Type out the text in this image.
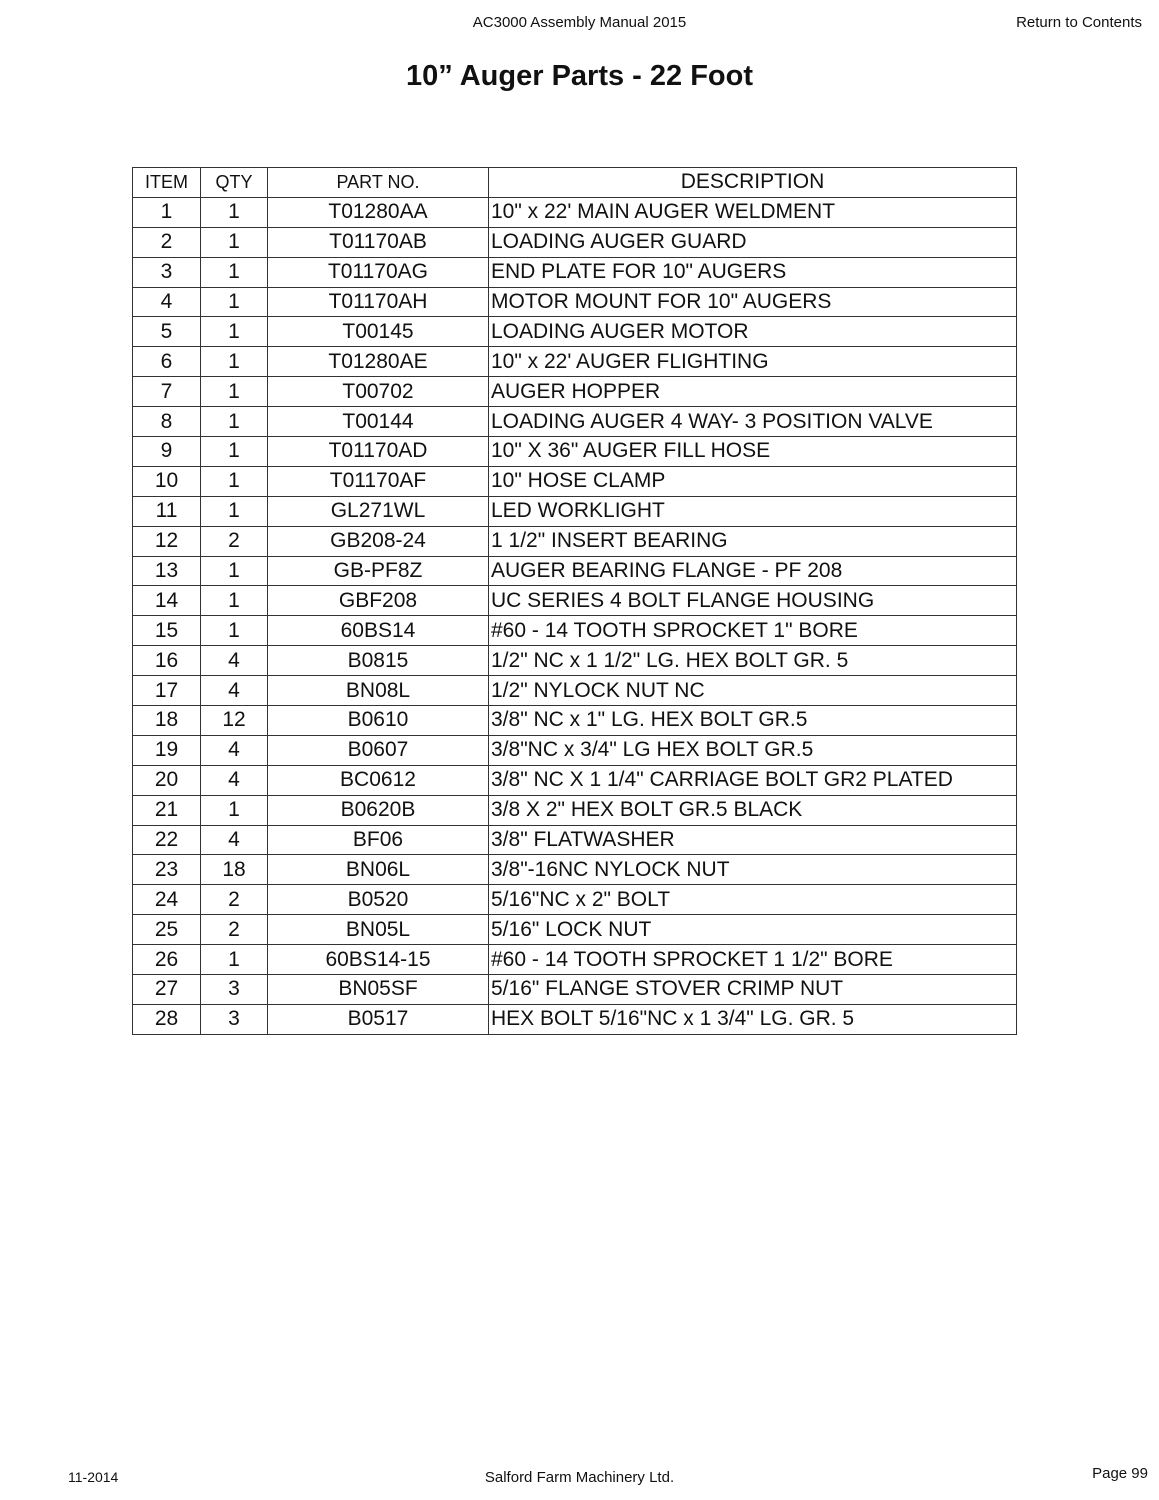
AC3000 Assembly Manual 2015	Return to Contents
10” Auger Parts - 22 Foot
ITEM	QTY	PART NO.	DESCRIPTION
1	1	T01280AA	10" x 22' MAIN AUGER WELDMENT
2	1	T01170AB	LOADING AUGER GUARD
3	1	T01170AG	END PLATE FOR 10" AUGERS
4	1	T01170AH	MOTOR MOUNT FOR 10" AUGERS
5	1	T00145	LOADING AUGER MOTOR
6	1	T01280AE	10" x 22' AUGER FLIGHTING
7	1	T00702	AUGER HOPPER
8	1	T00144	LOADING AUGER 4 WAY- 3 POSITION VALVE
9	1	T01170AD	10" X 36" AUGER FILL HOSE
10	1	T01170AF	10" HOSE CLAMP
11	1	GL271WL	LED WORKLIGHT
12	2	GB208-24	1 1/2" INSERT BEARING
13	1	GB-PF8Z	AUGER BEARING FLANGE - PF 208
14	1	GBF208	UC SERIES 4 BOLT FLANGE HOUSING
15	1	60BS14	#60 - 14 TOOTH SPROCKET 1" BORE
16	4	B0815	1/2" NC x 1 1/2" LG. HEX BOLT GR. 5
17	4	BN08L	1/2" NYLOCK NUT NC
18	12	B0610	3/8" NC x 1" LG. HEX BOLT GR.5
19	4	B0607	3/8"NC x 3/4" LG HEX BOLT GR.5
20	4	BC0612	3/8" NC X 1 1/4" CARRIAGE BOLT GR2 PLATED
21	1	B0620B	3/8 X 2" HEX BOLT GR.5 BLACK
22	4	BF06	3/8" FLATWASHER
23	18	BN06L	3/8"-16NC NYLOCK NUT
24	2	B0520	5/16"NC x 2" BOLT
25	2	BN05L	5/16" LOCK NUT
26	1	60BS14-15	#60 - 14 TOOTH SPROCKET 1 1/2" BORE
27	3	BN05SF	5/16" FLANGE STOVER CRIMP NUT
28	3	B0517	HEX BOLT 5/16"NC x 1 3/4" LG. GR. 5
11-2014	Salford Farm Machinery Ltd.	Page 99
